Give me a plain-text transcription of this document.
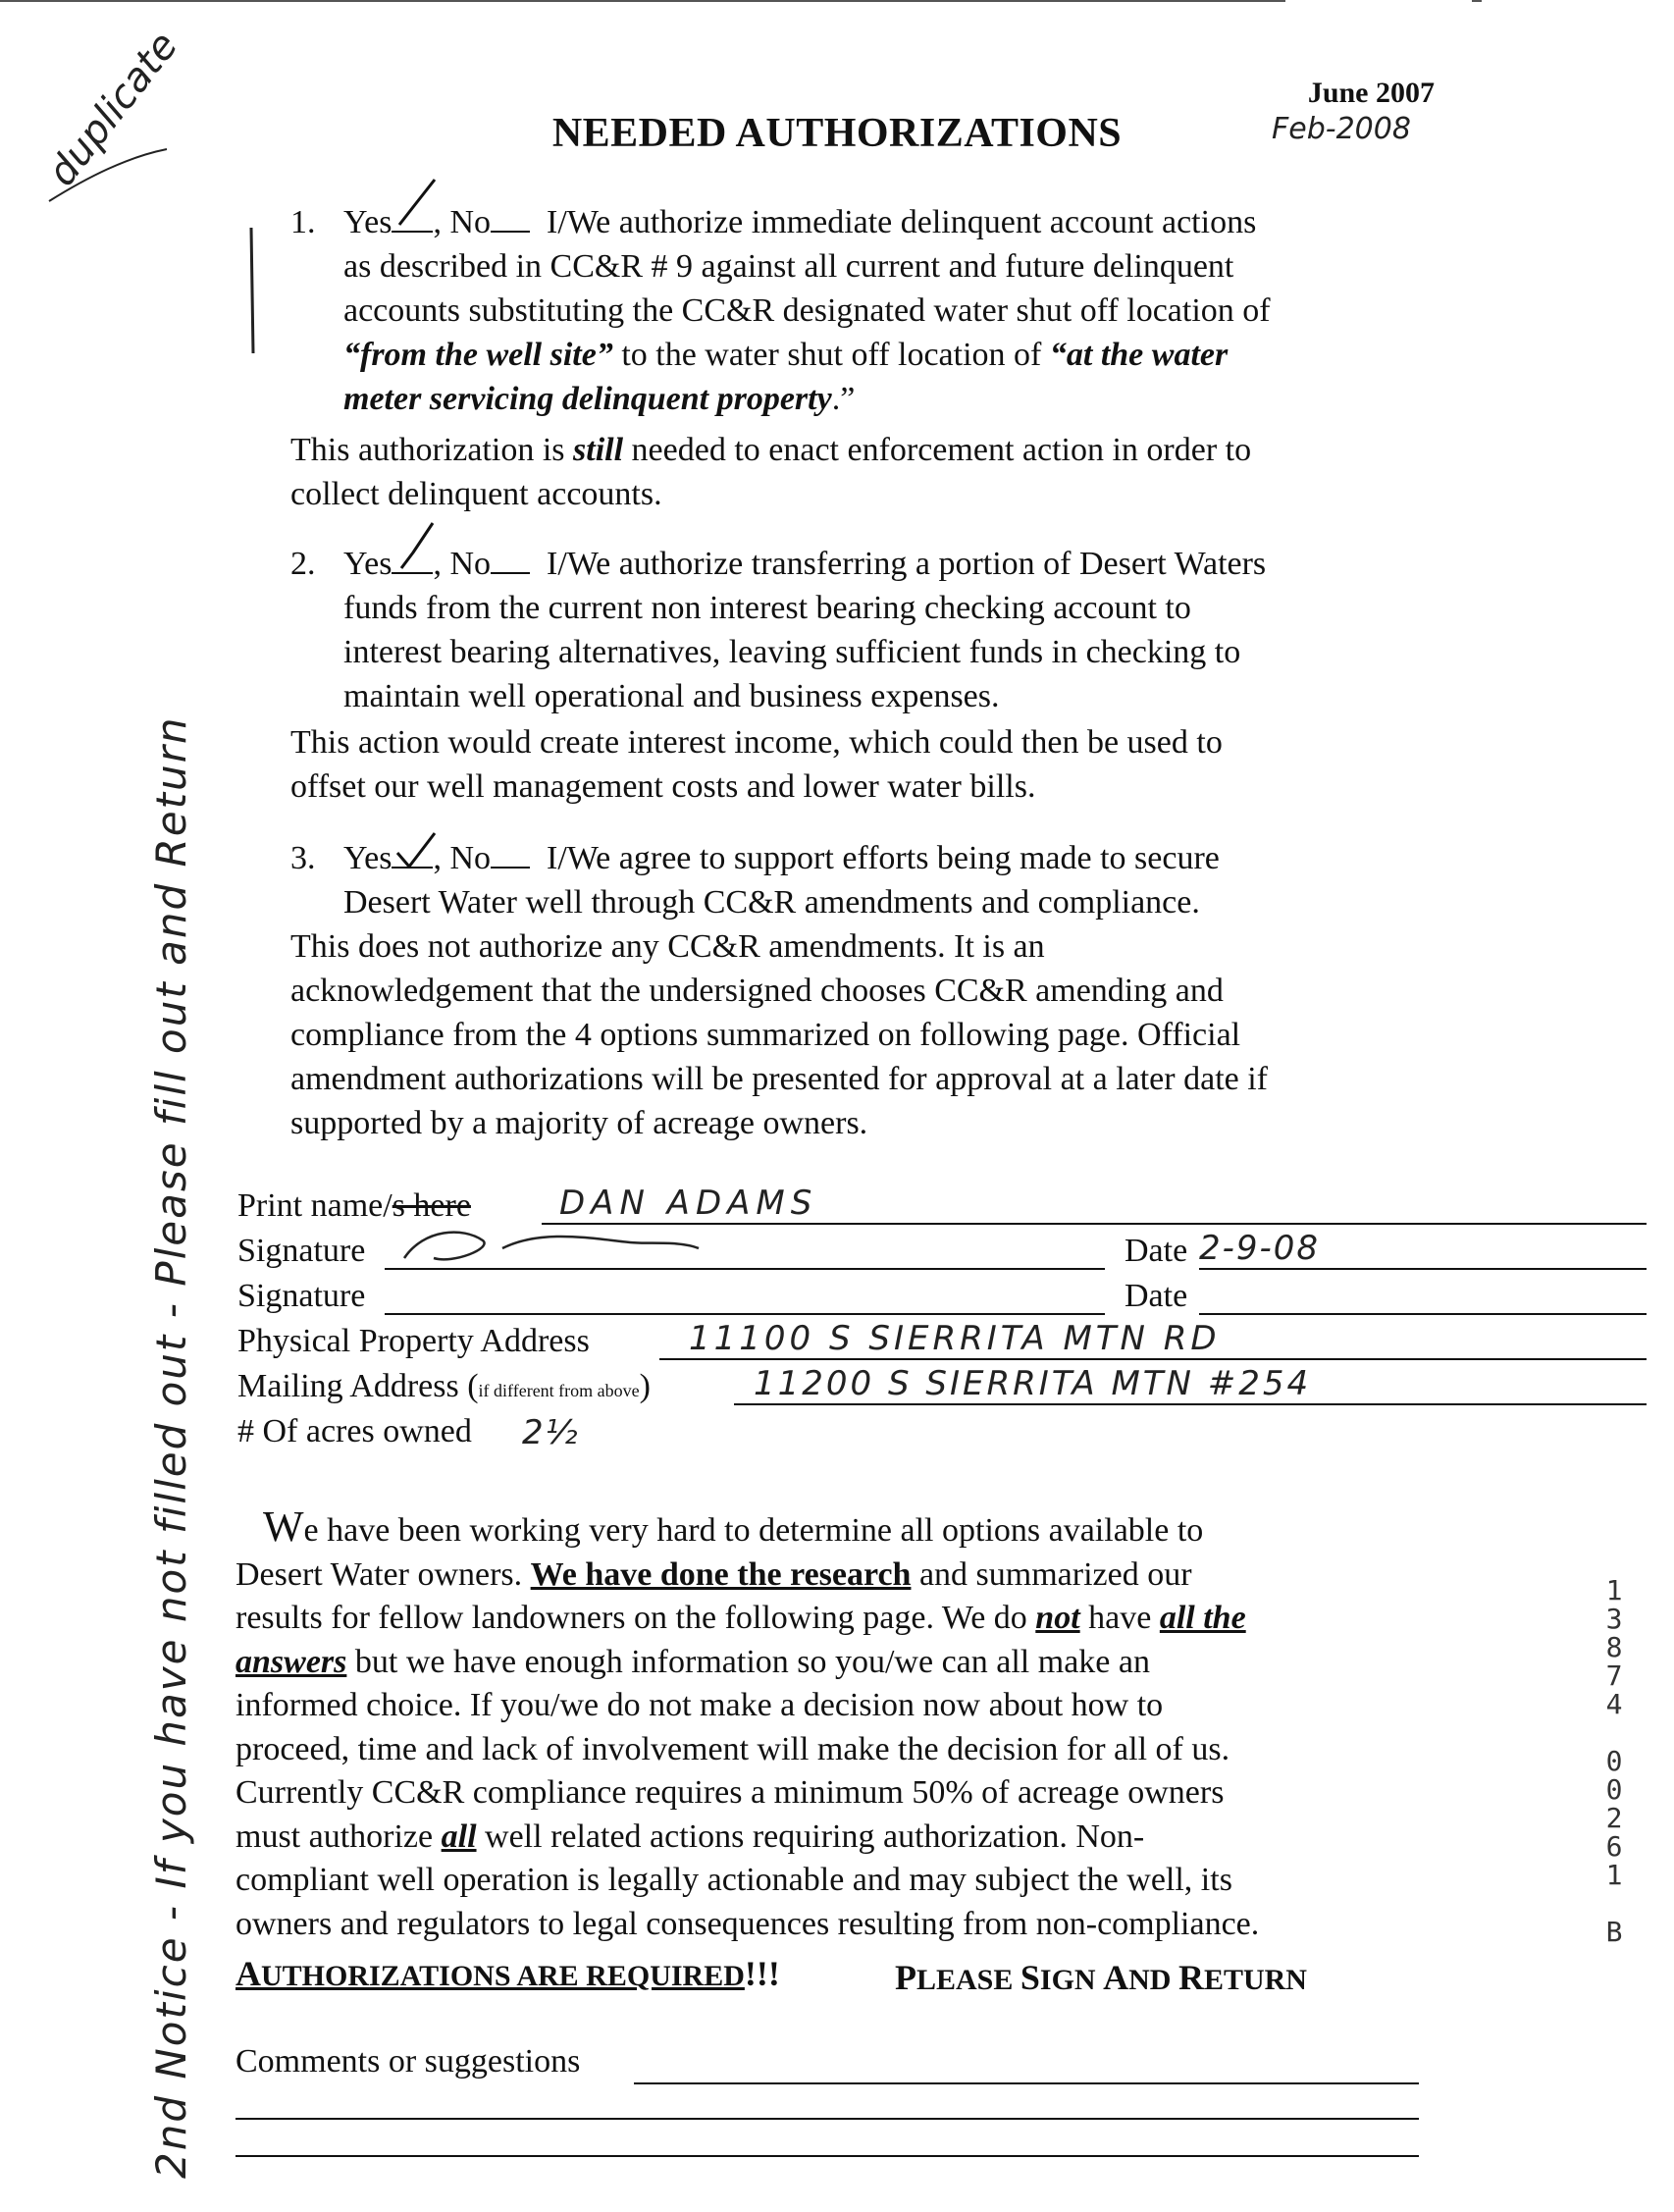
June 2007
Feb-2008
NEEDED AUTHORIZATIONS
duplicate
2nd Notice - If you have not filled out - Please fill out and Return
1. Yes , No I/We authorize immediate delinquent account actions
as described in CC&R # 9 against all current and future delinquent
accounts substituting the CC&R designated water shut off location of
“from the well site” to the water shut off location of “at the water
meter servicing delinquent property.”
This authorization is still needed to enact enforcement action in order to
collect delinquent accounts.
2. Yes , No I/We authorize transferring a portion of Desert Waters
funds from the current non interest bearing checking account to
interest bearing alternatives, leaving sufficient funds in checking to
maintain well operational and business expenses.
This action would create interest income, which could then be used to
offset our well management costs and lower water bills.
3. Yes , No I/We agree to support efforts being made to secure
Desert Water well through CC&R amendments and compliance.
This does not authorize any CC&R amendments. It is an
acknowledgement that the undersigned chooses CC&R amending and
compliance from the 4 options summarized on following page. Official
amendment authorizations will be presented for approval at a later date if
supported by a majority of acreage owners.
Print name/s here	DAN ADAMS
Signature	Date 2-9-08
Signature	Date
Physical Property Address	11100 S SIERRITA MTN RD
Mailing Address (if different from above)	11200 S SIERRITA MTN #254
# Of acres owned 2½
We have been working very hard to determine all options available to
Desert Water owners. We have done the research and summarized our
results for fellow landowners on the following page. We do not have all the
answers but we have enough information so you/we can all make an
informed choice. If you/we do not make a decision now about how to
proceed, time and lack of involvement will make the decision for all of us.
Currently CC&R compliance requires a minimum 50% of acreage owners
must authorize all well related actions requiring authorization. Non-
compliant well operation is legally actionable and may subject the well, its
owners and regulators to legal consequences resulting from non-compliance.
AUTHORIZATIONS ARE REQUIRED!!!	PLEASE SIGN AND RETURN
Comments or suggestions
1
3
8
7
4
0
0
2
6
1
B
